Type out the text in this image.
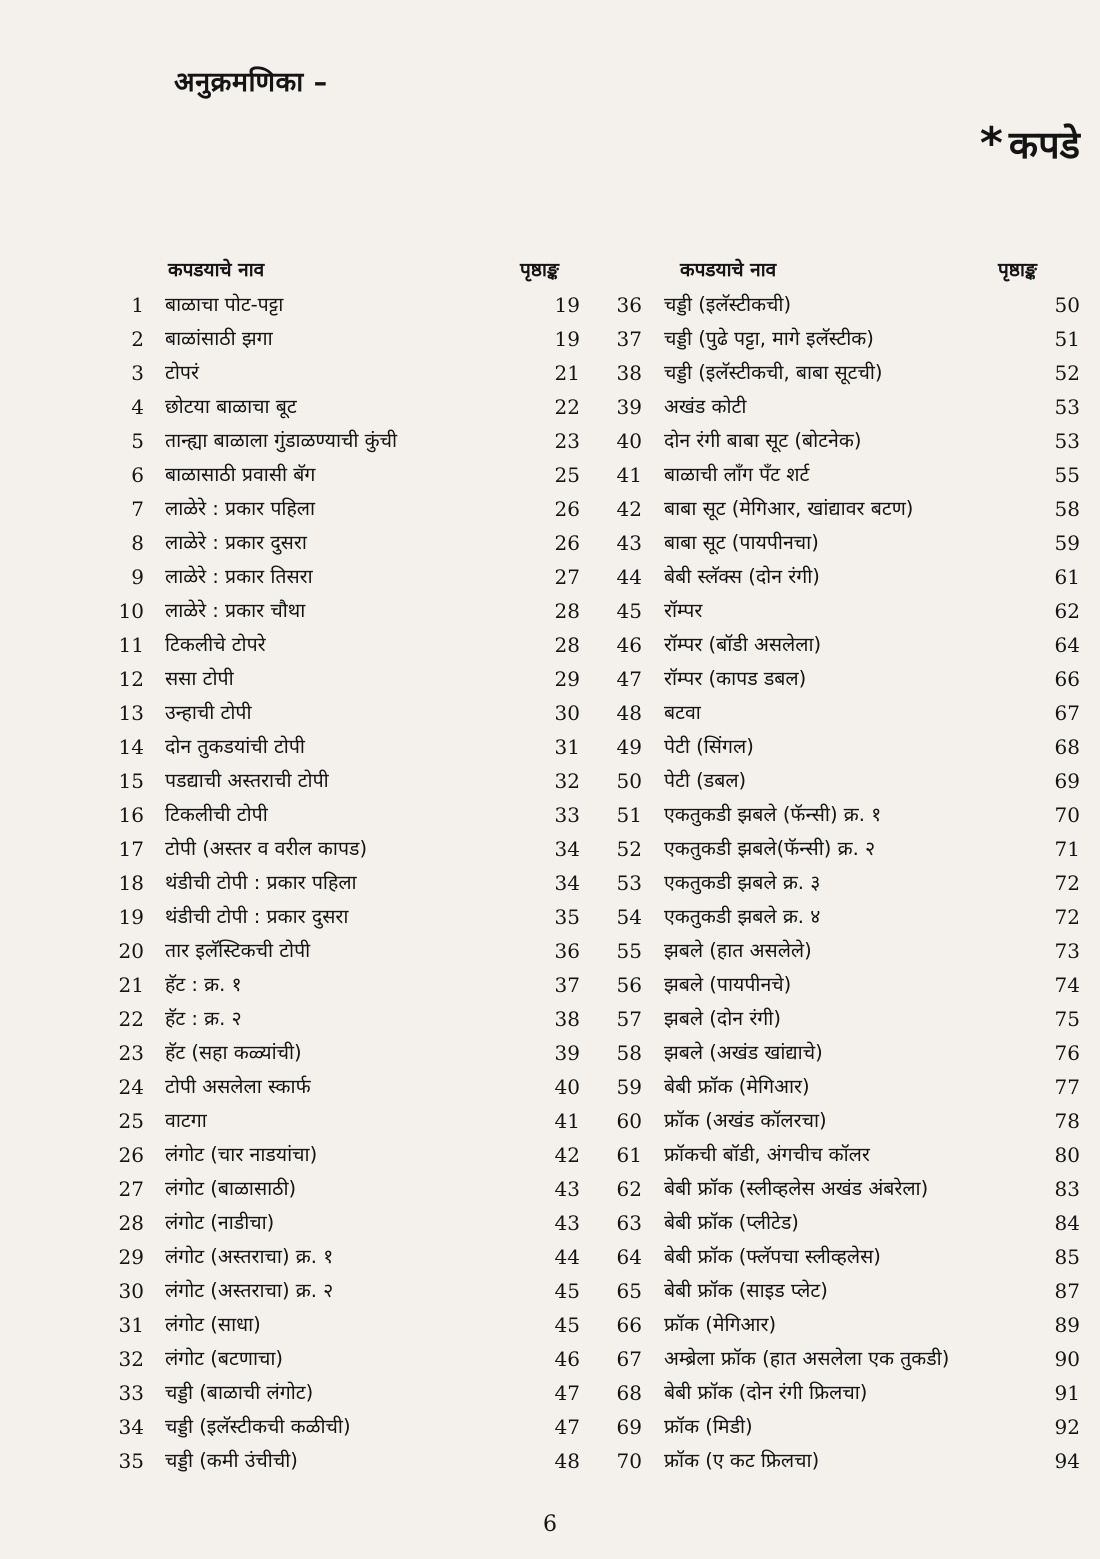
अनुक्रमणिका –
* कपडे
कपडयाचे नाव	पृष्ठाङ्क	कपडयाचे नाव	पृष्ठाङ्क
1 बाळाचा पोट-पट्टा	19
2 बाळांसाठी झगा	19
3 टोपरं	21
4 छोटया बाळाचा बूट	22
5 तान्ह्या बाळाला गुंडाळण्याची कुंची	23
6 बाळासाठी प्रवासी बॅग	25
7 लाळेरे : प्रकार पहिला	26
8 लाळेरे : प्रकार दुसरा	26
9 लाळेरे : प्रकार तिसरा	27
10 लाळेरे : प्रकार चौथा	28
11 टिकलीचे टोपरे	28
12 ससा टोपी	29
13 उन्हाची टोपी	30
14 दोन तुकडयांची टोपी	31
15 पडद्याची अस्तराची टोपी	32
16 टिकलीची टोपी	33
17 टोपी (अस्तर व वरील कापड)	34
18 थंडीची टोपी : प्रकार पहिला	34
19 थंडीची टोपी : प्रकार दुसरा	35
20 तार इलॅस्टिकची टोपी	36
21 हॅट : क्र. १	37
22 हॅट : क्र. २	38
23 हॅट (सहा कळ्यांची)	39
24 टोपी असलेला स्कार्फ	40
25 वाटगा	41
26 लंगोट (चार नाडयांचा)	42
27 लंगोट (बाळासाठी)	43
28 लंगोट (नाडीचा)	43
29 लंगोट (अस्तराचा) क्र. १	44
30 लंगोट (अस्तराचा) क्र. २	45
31 लंगोट (साधा)	45
32 लंगोट (बटणाचा)	46
33 चड्डी (बाळाची लंगोट)	47
34 चड्डी (इलॅस्टीकची कळीची)	47
35 चड्डी (कमी उंचीची)	48
36 चड्डी (इलॅस्टीकची)	50
37 चड्डी (पुढे पट्टा, मागे इलॅस्टीक)	51
38 चड्डी (इलॅस्टीकची, बाबा सूटची)	52
39 अखंड कोटी	53
40 दोन रंगी बाबा सूट (बोटनेक)	53
41 बाळाची लाँग पॅंट शर्ट	55
42 बाबा सूट (मेगिआर, खांद्यावर बटण)	58
43 बाबा सूट (पायपीनचा)	59
44 बेबी स्लॅक्स (दोन रंगी)	61
45 रॉम्पर	62
46 रॉम्पर (बॉडी असलेला)	64
47 रॉम्पर (कापड डबल)	66
48 बटवा	67
49 पेटी (सिंगल)	68
50 पेटी (डबल)	69
51 एकतुकडी झबले (फॅन्सी) क्र. १	70
52 एकतुकडी झबले(फॅन्सी) क्र. २	71
53 एकतुकडी झबले क्र. ३	72
54 एकतुकडी झबले क्र. ४	72
55 झबले (हात असलेले)	73
56 झबले (पायपीनचे)	74
57 झबले (दोन रंगी)	75
58 झबले (अखंड खांद्याचे)	76
59 बेबी फ्रॉक (मेगिआर)	77
60 फ्रॉक (अखंड कॉलरचा)	78
61 फ्रॉकची बॉडी, अंगचीच कॉलर	80
62 बेबी फ्रॉक (स्लीव्हलेस अखंड अंबरेला)	83
63 बेबी फ्रॉक (प्लीटेड)	84
64 बेबी फ्रॉक (फ्लॅपचा स्लीव्हलेस)	85
65 बेबी फ्रॉक (साइड प्लेट)	87
66 फ्रॉक (मेगिआर)	89
67 अम्ब्रेला फ्रॉक (हात असलेला एक तुकडी)	90
68 बेबी फ्रॉक (दोन रंगी फ्रिलचा)	91
69 फ्रॉक (मिडी)	92
70 फ्रॉक (ए कट फ्रिलचा)	94
6
